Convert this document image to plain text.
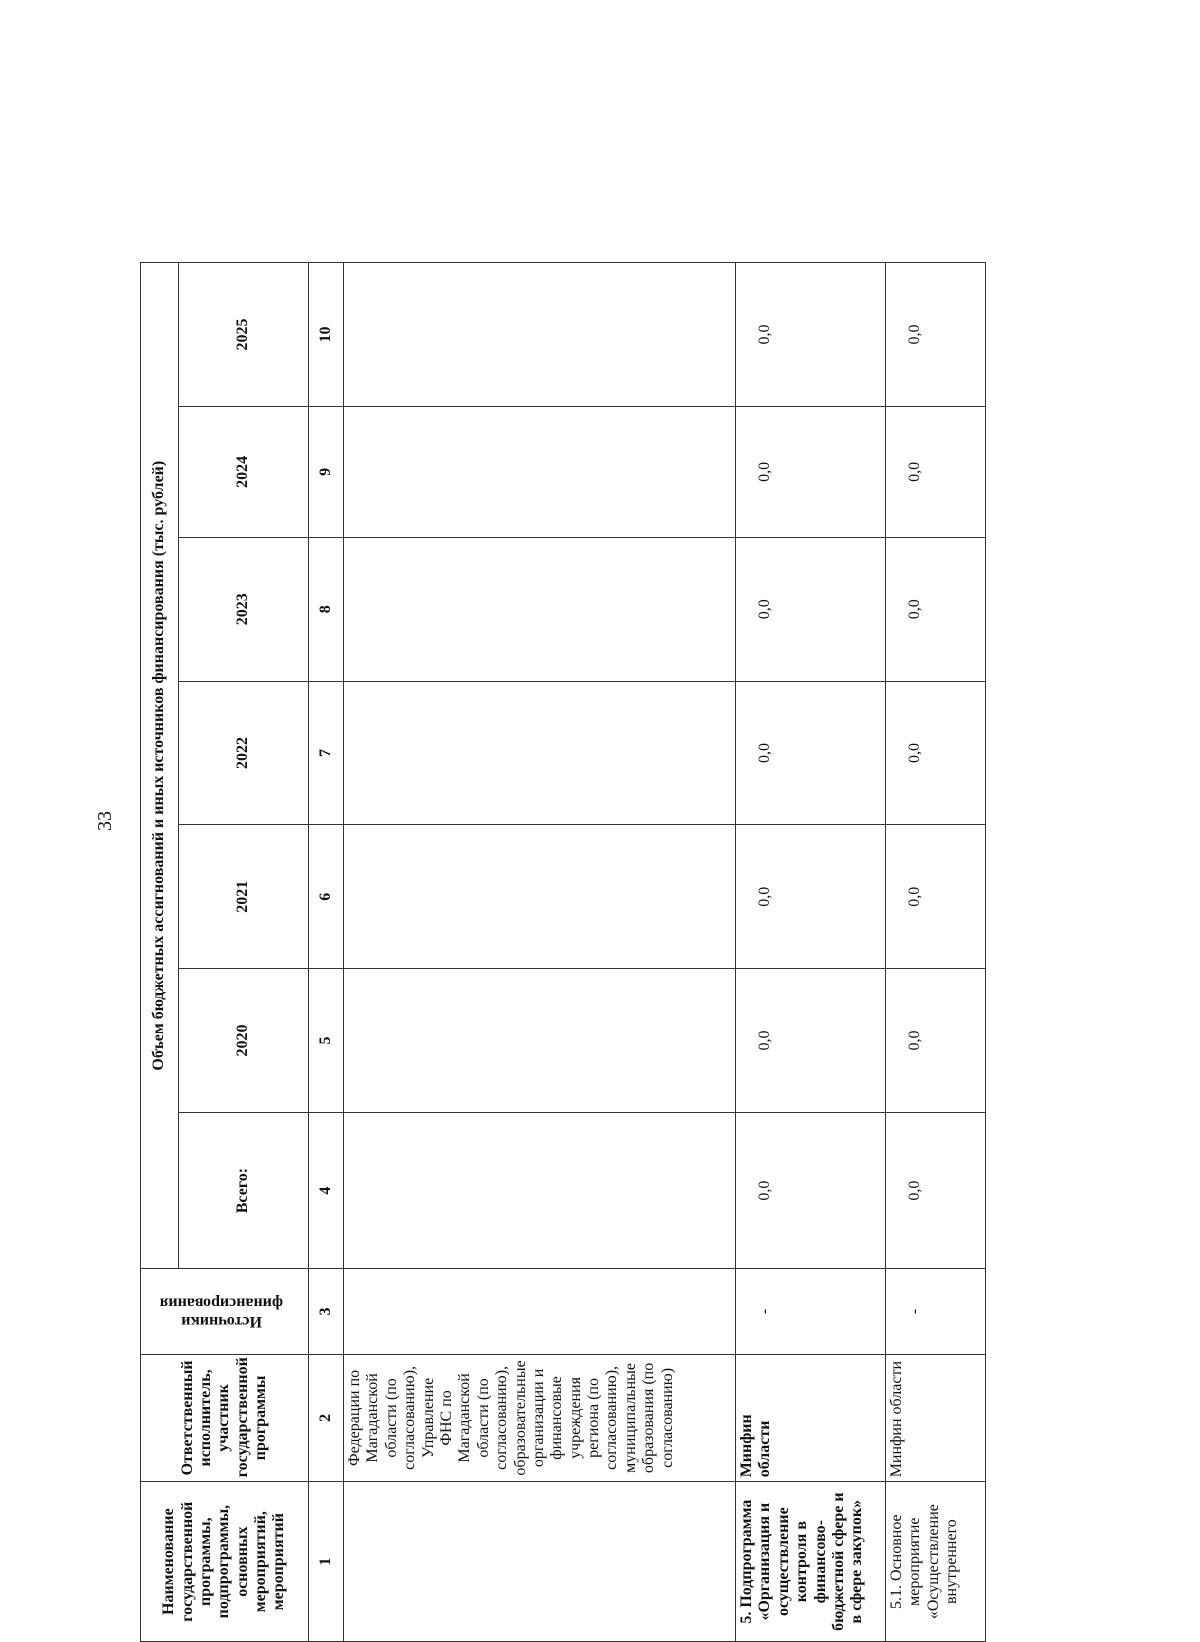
33
Наименование государственной программы, подпрограммы, основных мероприятий, мероприятий	Ответственный исполнитель, участник государственной программы	Источники финансирования	Объем бюджетных ассигнований и иных источников финансирования (тыс. рублей)						
			Всего:	2020	2021	2022	2023	2024	2025
1	2	3	4	5	6	7	8	9	10
	Федерации по Магаданской области (по согласованию), Управление ФНС по Магаданской области (по согласованию), образовательные организации и финансовые учреждения региона (по согласованию), муниципальные образования (по согласованию)								
5. Подпрограмма «Организация и осуществление контроля в финансово-бюджетной сфере и в сфере закупок»	Минфин области	-	0,0	0,0	0,0	0,0	0,0	0,0	0,0
5.1. Основное мероприятие «Осуществление внутреннего	Минфин области	-	0,0	0,0	0,0	0,0	0,0	0,0	0,0
